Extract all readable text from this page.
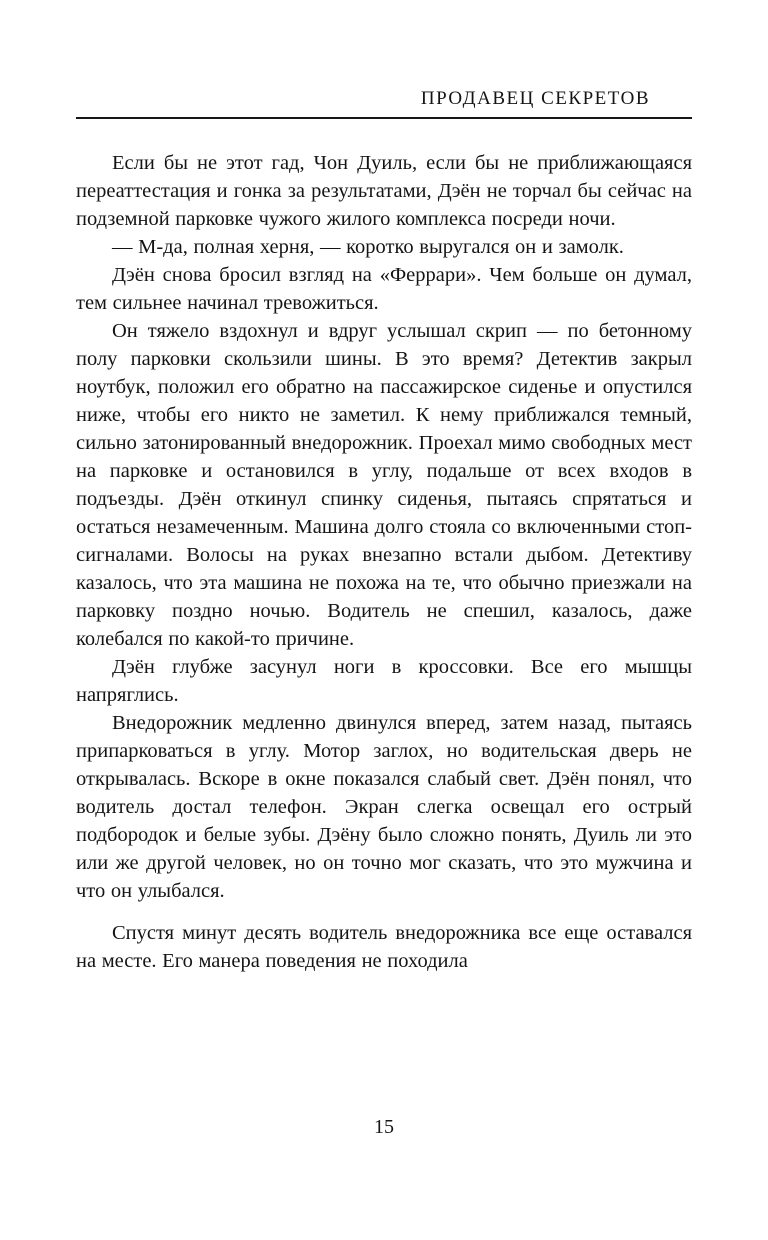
ПРОДАВЕЦ СЕКРЕТОВ

Если бы не этот гад, Чон Дуиль, если бы не приближающаяся переаттестация и гонка за результатами, Дэён не торчал бы сейчас на подземной парковке чужого жилого комплекса посреди ночи.

— М-да, полная херня, — коротко выругался он и замолк.

Дэён снова бросил взгляд на «Феррари». Чем больше он думал, тем сильнее начинал тревожиться.

Он тяжело вздохнул и вдруг услышал скрип — по бетонному полу парковки скользили шины. В это время? Детектив закрыл ноутбук, положил его обратно на пассажирское сиденье и опустился ниже, чтобы его никто не заметил. К нему приближался темный, сильно затонированный внедорожник. Проехал мимо свободных мест на парковке и остановился в углу, подальше от всех входов в подъезды. Дэён откинул спинку сиденья, пытаясь спрятаться и остаться незамеченным. Машина долго стояла со включенными стоп-сигналами. Волосы на руках внезапно встали дыбом. Детективу казалось, что эта машина не похожа на те, что обычно приезжали на парковку поздно ночью. Водитель не спешил, казалось, даже колебался по какой-то причине.

Дэён глубже засунул ноги в кроссовки. Все его мышцы напряглись.

Внедорожник медленно двинулся вперед, затем назад, пытаясь припарковаться в углу. Мотор заглох, но водительская дверь не открывалась. Вскоре в окне показался слабый свет. Дэён понял, что водитель достал телефон. Экран слегка освещал его острый подбородок и белые зубы. Дэёну было сложно понять, Дуиль ли это или же другой человек, но он точно мог сказать, что это мужчина и что он улыбался.

Спустя минут десять водитель внедорожника все еще оставался на месте. Его манера поведения не походила

15
